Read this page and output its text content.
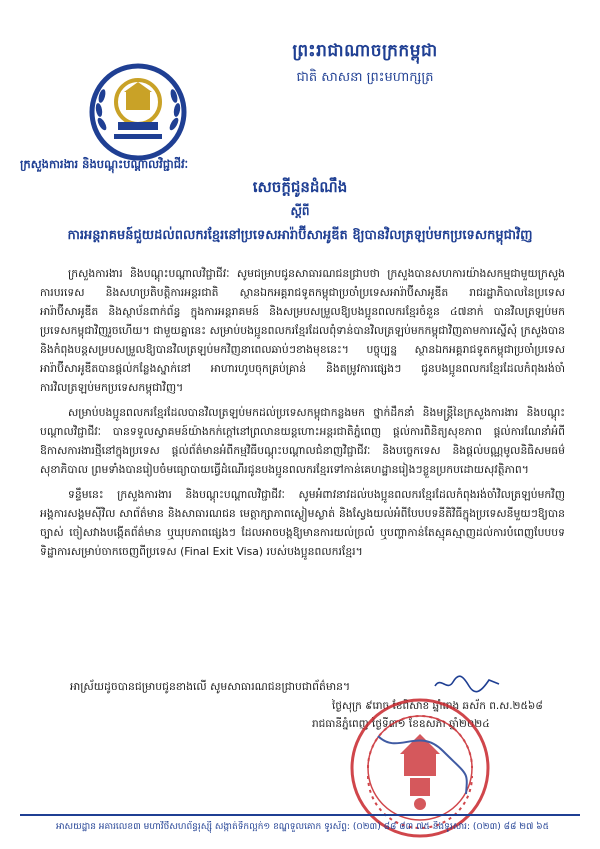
ព្រះរាជាណាចក្រកម្ពុជា
ជាតិ សាសនា ព្រះមហាក្សត្រ
ក្រសួងការងារ និងបណ្តុះបណ្តាលវិជ្ជាជីវៈ
សេចក្តីជូនដំណឹង
ស្តីពី
ការអន្តរាគមន៍ជួយដល់ពលករខ្មែរនៅប្រទេសអារ៉ាប៊ីសាអូឌីត ឱ្យបានវិលត្រឡប់មកប្រទេសកម្ពុជាវិញ

ក្រសួងការងារ និងបណ្តុះបណ្តាលវិជ្ជាជីវៈ សូមជម្រាបជូនសាធារណជនជ្រាបថា ក្រសួងបានសហការយ៉ាងសកម្មជាមួយក្រសួងការបរទេស និងសហប្រតិបត្តិការអន្តរជាតិ ស្ថានឯកអគ្គរាជទូតកម្ពុជាប្រចាំប្រទេសអារ៉ាប៊ីសាអូឌីត រាជរដ្ឋាភិបាលនៃប្រទេសអារ៉ាប៊ីសាអូឌីត និងស្ថាប័នពាក់ព័ន្ធ ក្នុងការអន្តរាគមន៍ និងសម្របសម្រួលឱ្យបងប្អូនពលករខ្មែរចំនួន ៤៧នាក់ បានវិលត្រឡប់មកប្រទេសកម្ពុជាវិញរួចហើយ។ ជាមួយគ្នានេះ សម្រាប់បងប្អូនពលករខ្មែរដែលពុំទាន់បានវិលត្រឡប់មកកម្ពុជាវិញតាមការស្នើសុំ ក្រសួងបាននិងកំពុងបន្តសម្របសម្រួលឱ្យបានវិលត្រឡប់មកវិញនាពេលឆាប់ៗខាងមុខនេះ។ បច្ចុប្បន្ន ស្ថានឯកអគ្គរាជទូតកម្ពុជាប្រចាំប្រទេសអារ៉ាប៊ីសាអូឌីតបានផ្តល់កន្លែងស្នាក់នៅ អាហារហូបចុកគ្រប់គ្រាន់ និងតម្រូវការផ្សេងៗ ជូនបងប្អូនពលករខ្មែរដែលកំពុងរង់ចាំការវិលត្រឡប់មកប្រទេសកម្ពុជាវិញ។

សម្រាប់បងប្អូនពលករខ្មែរដែលបានវិលត្រឡប់មកដល់ប្រទេសកម្ពុជាកន្លងមក ថ្នាក់ដឹកនាំ និងមន្ត្រីនៃក្រសួងការងារ និងបណ្តុះបណ្តាលវិជ្ជាជីវៈ បានទទួលស្វាគមន៍យ៉ាងកក់ក្តៅនៅព្រលានយន្តហោះអន្តរជាតិភ្នំពេញ ផ្តល់ការពិនិត្យសុខភាព ផ្តល់ការណែនាំអំពីឱកាសការងារថ្មីនៅក្នុងប្រទេស ផ្តល់ព័ត៌មានអំពីកម្មវិធីបណ្តុះបណ្តាលជំនាញវិជ្ជាជីវៈ និងបច្ចេកទេស និងផ្តល់បណ្ណមូលនិធិសមធម៌សុខាភិបាល ព្រមទាំងបានរៀបចំមធ្យោបាយធ្វើដំណើរជូនបងប្អូនពលករខ្មែរទៅកាន់គេហដ្ឋានរៀងៗខ្លួនប្រកបដោយសុវត្ថិភាព។

ទន្ទឹមនេះ ក្រសួងការងារ និងបណ្តុះបណ្តាលវិជ្ជាជីវៈ សូមអំពាវនាវដល់បងប្អូនពលករខ្មែរដែលកំពុងរង់ចាំវិលត្រឡប់មកវិញ អង្គការសង្គមស៊ីវិល សាព័ត៌មាន និងសាធារណជន មេត្តាក្សាភាពស្ងៀមស្ងាត់ និងស្វែងយល់អំពីបែបបទនីតិវិធីក្នុងប្រទេសនីមួយៗឱ្យបានច្បាស់ ចៀសវាងបង្កើតព័ត៌មាន ឬឃុបភាពផ្សេងៗ ដែលអាចបង្កឱ្យមានការយល់ច្រលំ ឬបញ្ហាកាន់តែស្មុគស្មាញដល់ការបំពេញបែបបទទិដ្ឋាការសម្រាប់ចាកចេញពីប្រទេស (Final Exit Visa) របស់បងប្អូនពលករខ្មែរ។

អាស្រ័យដូចបានជម្រាបជូនខាងលើ សូមសាធារណជនជ្រាបជាព័ត៌មាន។
ថ្ងៃសុក្រ ៩រោច ខែពិសាខ ឆ្នាំរោង ឆស័ក ព.ស.២៥៦៨
រាជធានីភ្នំពេញ ថ្ងៃទី៣១ ខែឧសភា ឆ្នាំ២០២៤
អាសយដ្ឋាន អគារលេខ៣ មហាវិថីសហព័ន្ធរុស្ស៊ី សង្កាត់ទឹកល្អក់១ ខណ្ឌទួលគោក ទូរស័ព្ទ: (០២៣) ៨៨ ៨៣ ៧៥ និងទូរសារ: (០២៣) ៨៨ ២៧ ៦៥
